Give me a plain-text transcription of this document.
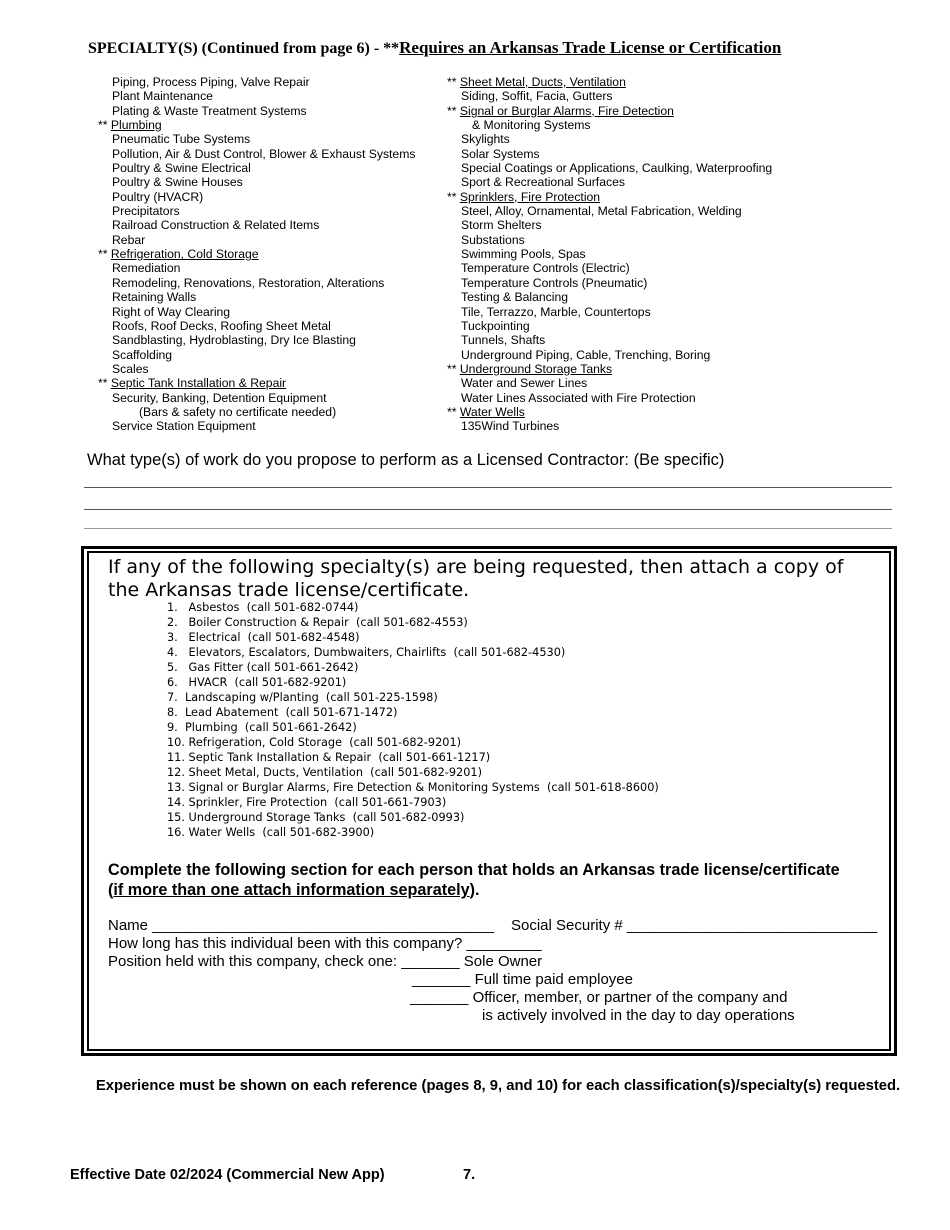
SPECIALTY(S) (Continued from page 6) - **Requires an Arkansas Trade License or Certification
Piping, Process Piping, Valve Repair
Plant Maintenance
Plating & Waste Treatment Systems
** Plumbing
Pneumatic Tube Systems
Pollution, Air & Dust Control, Blower & Exhaust Systems
Poultry & Swine Electrical
Poultry & Swine Houses
Poultry (HVACR)
Precipitators
Railroad Construction & Related Items
Rebar
** Refrigeration, Cold Storage
Remediation
Remodeling, Renovations, Restoration, Alterations
Retaining Walls
Right of Way Clearing
Roofs, Roof Decks, Roofing Sheet Metal
Sandblasting, Hydroblasting, Dry Ice Blasting
Scaffolding
Scales
** Septic Tank Installation & Repair
Security, Banking, Detention Equipment
(Bars & safety no certificate needed)
Service Station Equipment
** Sheet Metal, Ducts, Ventilation
Siding, Soffit, Facia, Gutters
** Signal or Burglar Alarms, Fire Detection
& Monitoring Systems
Skylights
Solar Systems
Special Coatings or Applications, Caulking, Waterproofing
Sport & Recreational Surfaces
** Sprinklers, Fire Protection
Steel, Alloy, Ornamental, Metal Fabrication, Welding
Storm Shelters
Substations
Swimming Pools, Spas
Temperature Controls (Electric)
Temperature Controls (Pneumatic)
Testing & Balancing
Tile, Terrazzo, Marble, Countertops
Tuckpointing
Tunnels, Shafts
Underground Piping, Cable, Trenching, Boring
** Underground Storage Tanks
Water and Sewer Lines
Water Lines Associated with Fire Protection
** Water Wells
135Wind Turbines
What type(s) of work do you propose to perform as a Licensed Contractor: (Be specific)
If any of the following specialty(s) are being requested, then attach a copy of the Arkansas trade license/certificate.
1.   Asbestos  (call 501-682-0744)
2.   Boiler Construction & Repair  (call 501-682-4553)
3.   Electrical  (call 501-682-4548)
4.   Elevators, Escalators, Dumbwaiters, Chairlifts  (call 501-682-4530)
5.   Gas Fitter (call 501-661-2642)
6.   HVACR  (call 501-682-9201)
7.  Landscaping w/Planting  (call 501-225-1598)
8.  Lead Abatement  (call 501-671-1472)
9.  Plumbing  (call 501-661-2642)
10. Refrigeration, Cold Storage  (call 501-682-9201)
11. Septic Tank Installation & Repair  (call 501-661-1217)
12. Sheet Metal, Ducts, Ventilation  (call 501-682-9201)
13. Signal or Burglar Alarms, Fire Detection & Monitoring Systems  (call 501-618-8600)
14. Sprinkler, Fire Protection  (call 501-661-7903)
15. Underground Storage Tanks  (call 501-682-0993)
16. Water Wells  (call 501-682-3900)
Complete the following section for each person that holds an Arkansas trade license/certificate
(if more than one attach information separately).
Name _________________________________________ Social Security # ______________________________
How long has this individual been with this company? _________
Position held with this company, check one: _______ Sole Owner
_______ Full time paid employee
_______ Officer, member, or partner of the company and
is actively involved in the day to day operations
Experience must be shown on each reference (pages 8, 9, and 10) for each classification(s)/specialty(s) requested.
Effective Date 02/2024 (Commercial New App)	7.
